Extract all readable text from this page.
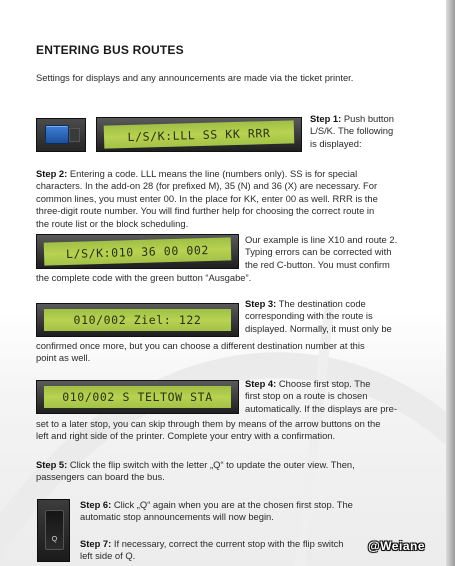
ENTERING BUS ROUTES
Settings for displays and any announcements are made via the ticket printer.
L/S/K:LLL SS KK RRR
Step 1: Push button
L/S/K. The following
is displayed:
Step 2: Entering a code. LLL means the line (numbers only). SS is for special
characters. In the add-on 28 (for prefixed M), 35 (N) and 36 (X) are necessary. For
common lines, you must enter 00. In the place for KK, enter 00 as well. RRR is the
three-digit route number. You will find further help for choosing the correct route in
the route list or the block scheduling.
L/S/K:010 36 00 002
Our example is line X10 and route 2.
Typing errors can be corrected with
the red C-button. You must confirm
the complete code with the green button “Ausgabe”.
010/002 Ziel: 122
Step 3: The destination code
corresponding with the route is
displayed. Normally, it must only be
confirmed once more, but you can choose a different destination number at this
point as well.
010/002 S TELTOW STA
Step 4: Choose first stop. The
first stop on a route is chosen
automatically. If the displays are pre-
set to a later stop, you can skip through them by means of the arrow buttons on the
left and right side of the printer. Complete your entry with a confirmation.
Step 5: Click the flip switch with the letter „Q“ to update the outer view. Then,
passengers can board the bus.
Q
Step 6: Click „Q“ again when you are at the chosen first stop. The
automatic stop announcements will now begin.
Step 7: If necessary, correct the current stop with the flip switch
left side of Q.
@Weiane
